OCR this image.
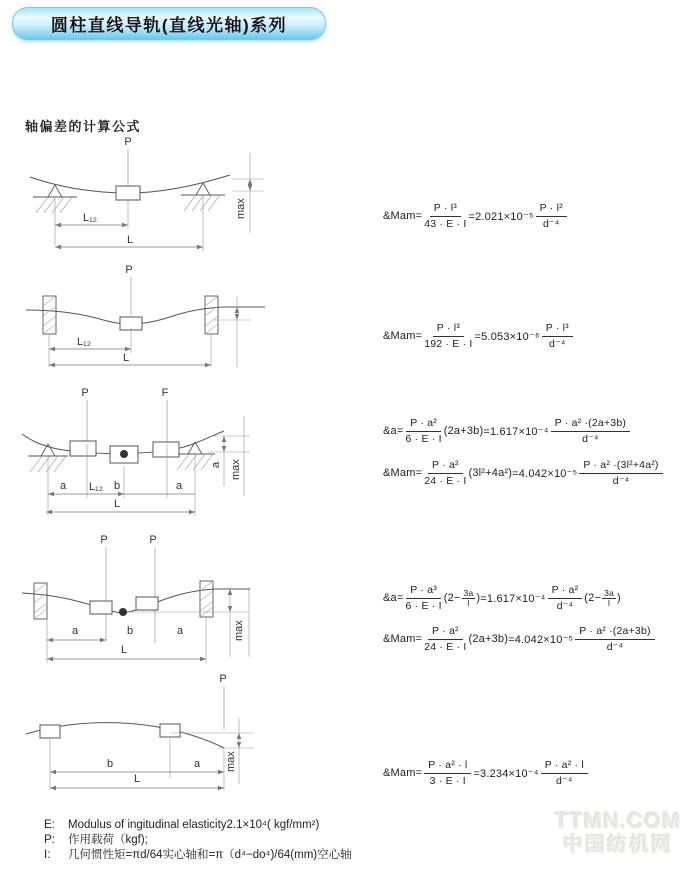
圆柱直线导轨(直线光轴)系列
轴偏差的计算公式
P
L₁₂
L
max
P
L₁₂
L
P	F
a max
a L₁₂ b	a
L
P	P
max
a	b	a
L
P
max
b	a
L
&Mam= $\frac{\text{P · l³}}{43 \cdot E \cdot I} =2.021\times 10^{-5} \frac{\text{P · l²}}{\text{d⁻⁴}}$
&Mam= $\frac{\text{P · l³}}{192 \cdot E \cdot I} =5.053\times 10^{-6} \frac{\text{P · l³}}{\text{d⁻⁴}}$
&a= $\frac{\text{P · a²}}{6 \cdot E \cdot I} (2a+3b) =1.617\times 10^{-4} \frac{\text{P · a² ·(2a+3b)}}{\text{d⁻⁴}}$
&Mam= $\frac{\text{P · a²}}{24 \cdot E \cdot I} (3l^2+4a^2) =4.042\times 10^{-5} \frac{\text{P · a² ·(3l²+4a²)}}{\text{d⁻⁴}}$
&a= $\frac{\text{P · a³}}{6 \cdot E \cdot I} (2- \frac{3a}{l}$ ) $=1.617\times 10^{-4} \frac{\text{P · a²}}{\text{d⁻⁴}} (2- \frac{3a}{l}$ )
&Mam= $\frac{\text{P · a²}}{24 \cdot E \cdot I} (2a+3b) =4.042\times 10^{-5} \frac{\text{P · a² ·(2a+3b)}}{\text{d⁻⁴}}$
&Mam= $\frac{\text{P · a² · l}}{3 \cdot E \cdot I} =3.234\times 10^{-4} \frac{\text{P · a² · l}}{\text{d⁻⁴}}$
E:	Modulus of ingitudinal elasticity2.1×10⁴( kgf/mm²)
P:	作用载荷（kgf);
I:	几何惯性矩=πd/64实心轴和=π（d⁴−do⁴)/64(mm)空心轴
TTMN.COM
中国纺机网
